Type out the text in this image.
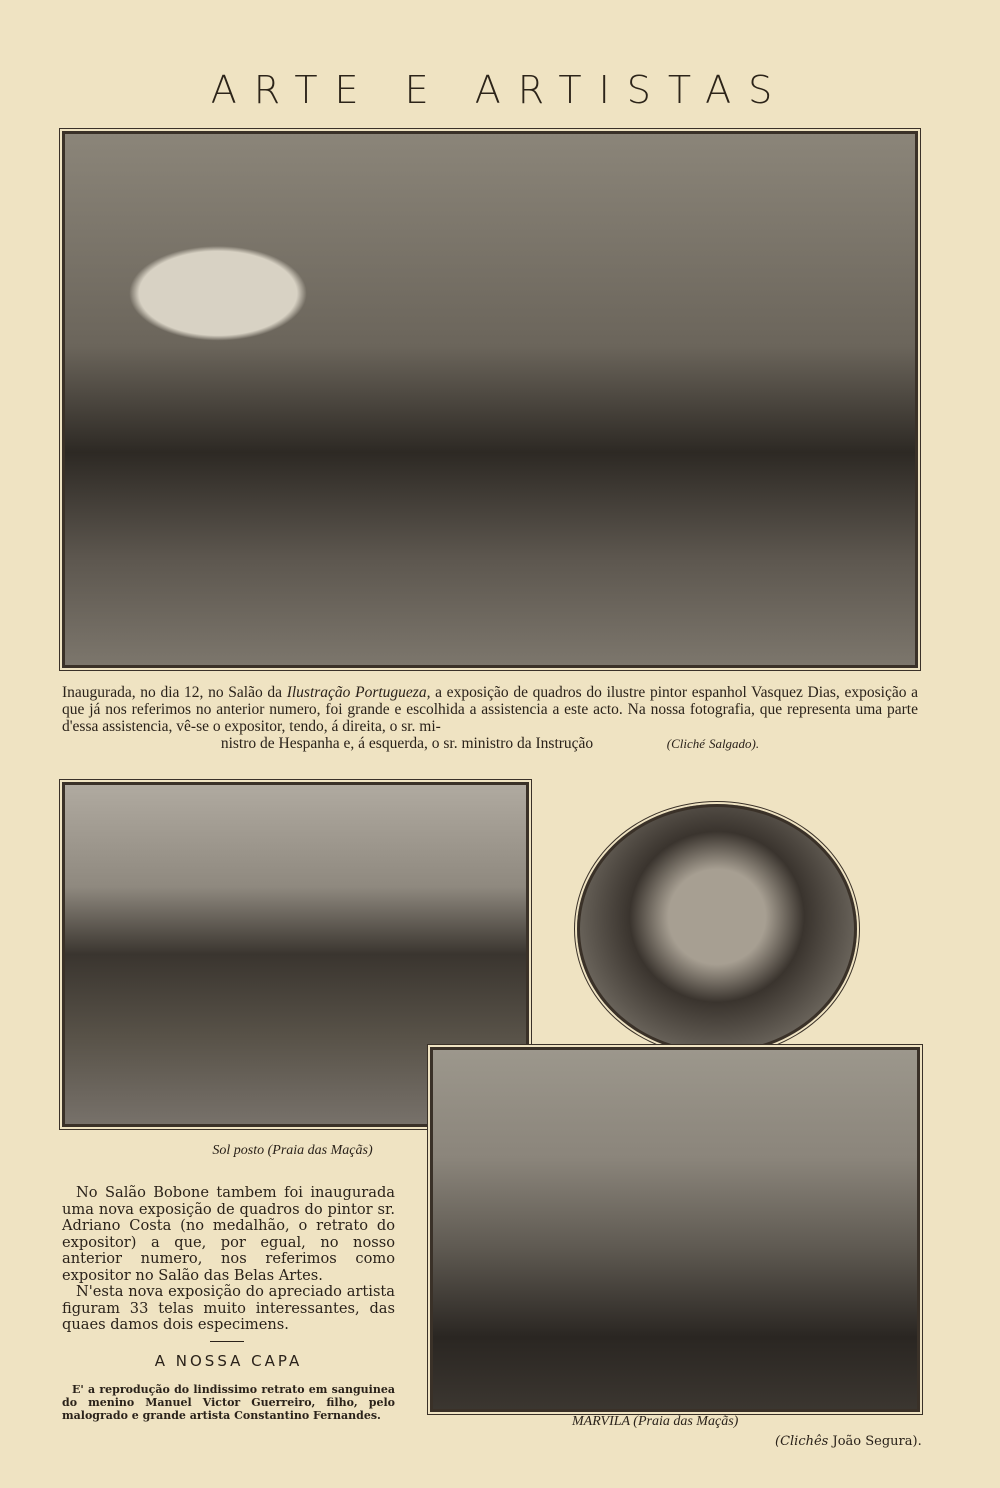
ARTE E ARTISTAS
Inaugurada, no dia 12, no Salão da Ilustração Portugueza, a exposição de quadros do ilustre pintor espanhol Vasquez Dias, exposição a que já nos referimos no anterior numero, foi grande e escolhida a assistencia a este acto. Na nossa fotografia, que representa uma parte d'essa assistencia, vê-se o expositor, tendo, á direita, o sr. mi-
nistro de Hespanha e, á esquerda, o sr. ministro da Instrução	(Cliché Salgado).
Sol posto (Praia das Maçãs)

No Salão Bobone tambem foi inaugurada uma nova exposição de quadros do pintor sr. Adriano Costa (no medalhão, o retrato do expositor) a que, por egual, no nosso anterior numero, nos referimos como expositor no Salão das Belas Artes.

N'esta nova exposição do apreciado artista figuram 33 telas muito interessantes, das quaes damos dois especimens.

A NOSSA CAPA
E' a reprodução do lindissimo retrato em sanguinea do menino Manuel Victor Guerreiro, filho, pelo malogrado e grande artista Constantino Fernandes.	MARVILA (Praia das Maçãs)
(Clichês João Segura).
